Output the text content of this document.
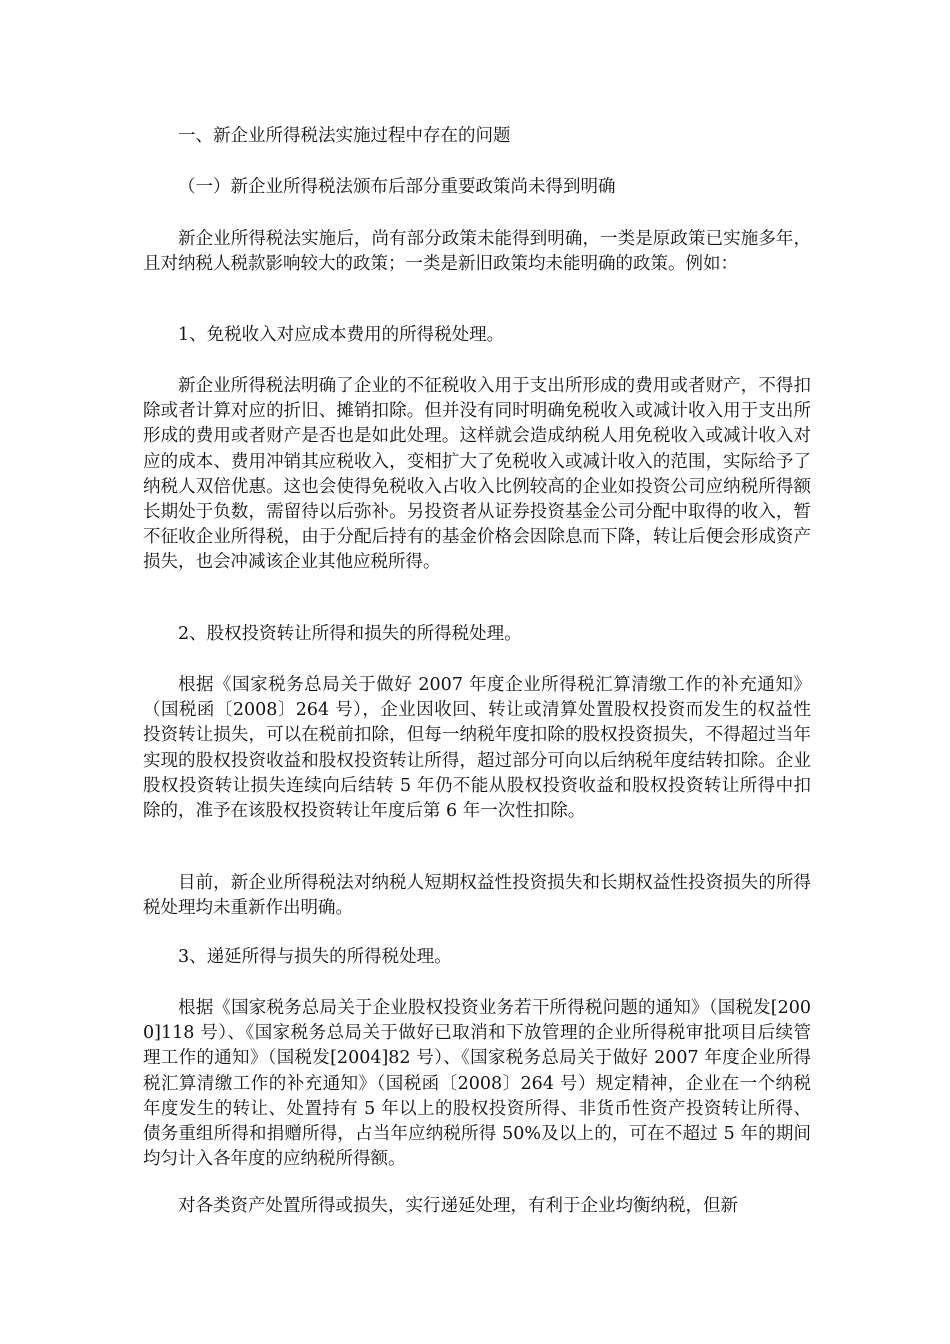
一、新企业所得税法实施过程中存在的问题

（一）新企业所得税法颁布后部分重要政策尚未得到明确

新企业所得税法实施后，尚有部分政策未能得到明确，一类是原政策已实施多年，且对纳税人税款影响较大的政策；一类是新旧政策均未能明确的政策。例如：

1、免税收入对应成本费用的所得税处理。

新企业所得税法明确了企业的不征税收入用于支出所形成的费用或者财产，不得扣除或者计算对应的折旧、摊销扣除。但并没有同时明确免税收入或减计收入用于支出所形成的费用或者财产是否也是如此处理。这样就会造成纳税人用免税收入或减计收入对应的成本、费用冲销其应税收入，变相扩大了免税收入或减计收入的范围，实际给予了纳税人双倍优惠。这也会使得免税收入占收入比例较高的企业如投资公司应纳税所得额长期处于负数，需留待以后弥补。另投资者从证券投资基金公司分配中取得的收入，暂不征收企业所得税，由于分配后持有的基金价格会因除息而下降，转让后便会形成资产损失，也会冲减该企业其他应税所得。

2、股权投资转让所得和损失的所得税处理。

根据《国家税务总局关于做好 2007 年度企业所得税汇算清缴工作的补充通知》（国税函〔2008〕264 号），企业因收回、转让或清算处置股权投资而发生的权益性投资转让损失，可以在税前扣除，但每一纳税年度扣除的股权投资损失，不得超过当年实现的股权投资收益和股权投资转让所得，超过部分可向以后纳税年度结转扣除。企业股权投资转让损失连续向后结转 5 年仍不能从股权投资收益和股权投资转让所得中扣除的，准予在该股权投资转让年度后第 6 年一次性扣除。

目前，新企业所得税法对纳税人短期权益性投资损失和长期权益性投资损失的所得税处理均未重新作出明确。

3、递延所得与损失的所得税处理。

根据《国家税务总局关于企业股权投资业务若干所得税问题的通知》（国税发[2000]118 号）、《国家税务总局关于做好已取消和下放管理的企业所得税审批项目后续管理工作的通知》（国税发[2004]82 号）、《国家税务总局关于做好 2007 年度企业所得税汇算清缴工作的补充通知》（国税函〔2008〕264 号）规定精神，企业在一个纳税年度发生的转让、处置持有 5 年以上的股权投资所得、非货币性资产投资转让所得、债务重组所得和捐赠所得，占当年应纳税所得 50%及以上的，可在不超过 5 年的期间均匀计入各年度的应纳税所得额。

对各类资产处置所得或损失，实行递延处理，有利于企业均衡纳税，但新
